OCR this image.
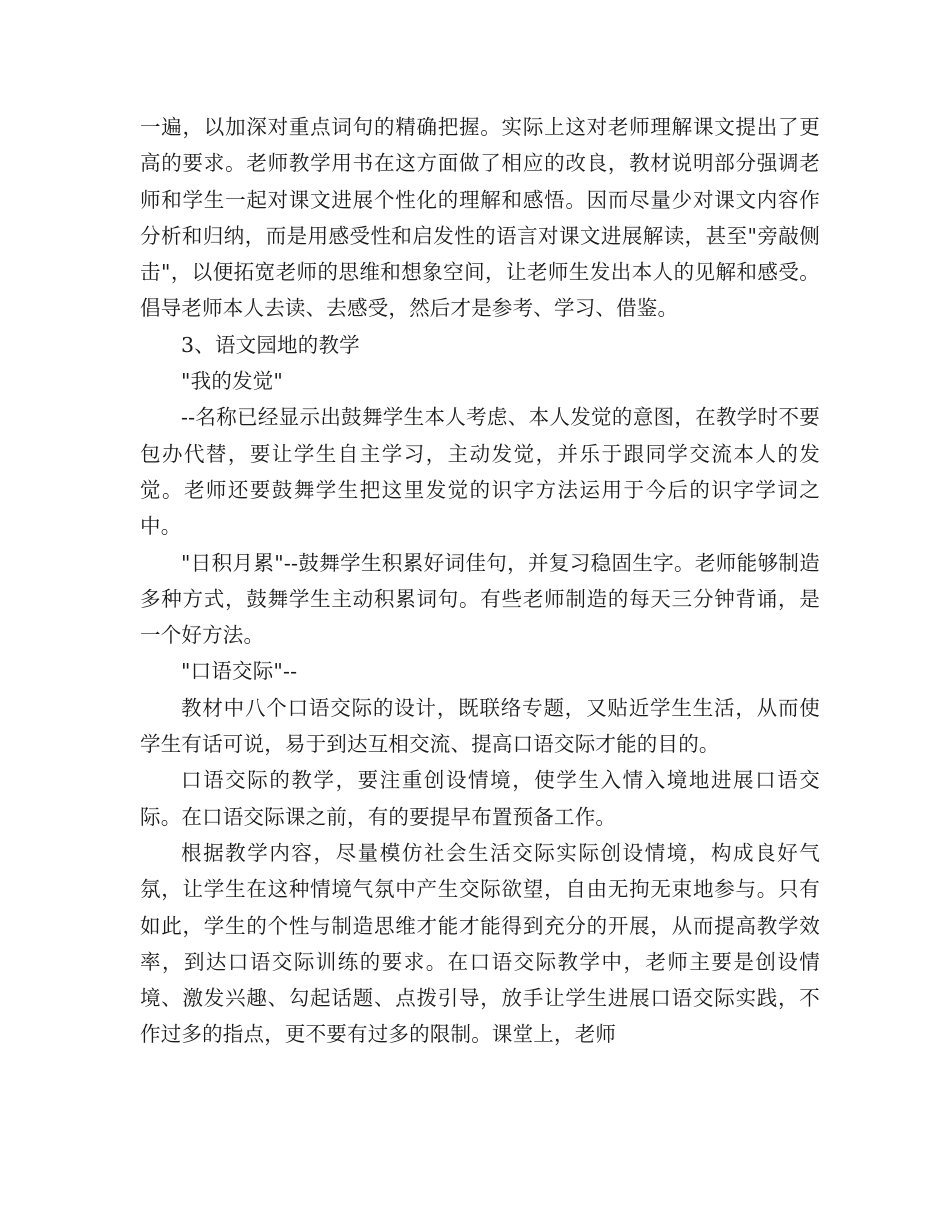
一遍，以加深对重点词句的精确把握。实际上这对老师理解课文提出了更高的要求。老师教学用书在这方面做了相应的改良，教材说明部分强调老师和学生一起对课文进展个性化的理解和感悟。因而尽量少对课文内容作分析和归纳，而是用感受性和启发性的语言对课文进展解读，甚至"旁敲侧击"，以便拓宽老师的思维和想象空间，让老师生发出本人的见解和感受。倡导老师本人去读、去感受，然后才是参考、学习、借鉴。

3、语文园地的教学

"我的发觉"

--名称已经显示出鼓舞学生本人考虑、本人发觉的意图，在教学时不要包办代替，要让学生自主学习，主动发觉，并乐于跟同学交流本人的发觉。老师还要鼓舞学生把这里发觉的识字方法运用于今后的识字学词之中。

"日积月累"--鼓舞学生积累好词佳句，并复习稳固生字。老师能够制造多种方式，鼓舞学生主动积累词句。有些老师制造的每天三分钟背诵，是一个好方法。

"口语交际"--

教材中八个口语交际的设计，既联络专题，又贴近学生生活，从而使学生有话可说，易于到达互相交流、提高口语交际才能的目的。

口语交际的教学，要注重创设情境，使学生入情入境地进展口语交际。在口语交际课之前，有的要提早布置预备工作。

根据教学内容，尽量模仿社会生活交际实际创设情境，构成良好气氛，让学生在这种情境气氛中产生交际欲望，自由无拘无束地参与。只有如此，学生的个性与制造思维才能才能得到充分的开展，从而提高教学效率，到达口语交际训练的要求。在口语交际教学中，老师主要是创设情境、激发兴趣、勾起话题、点拨引导，放手让学生进展口语交际实践，不作过多的指点，更不要有过多的限制。课堂上，老师
